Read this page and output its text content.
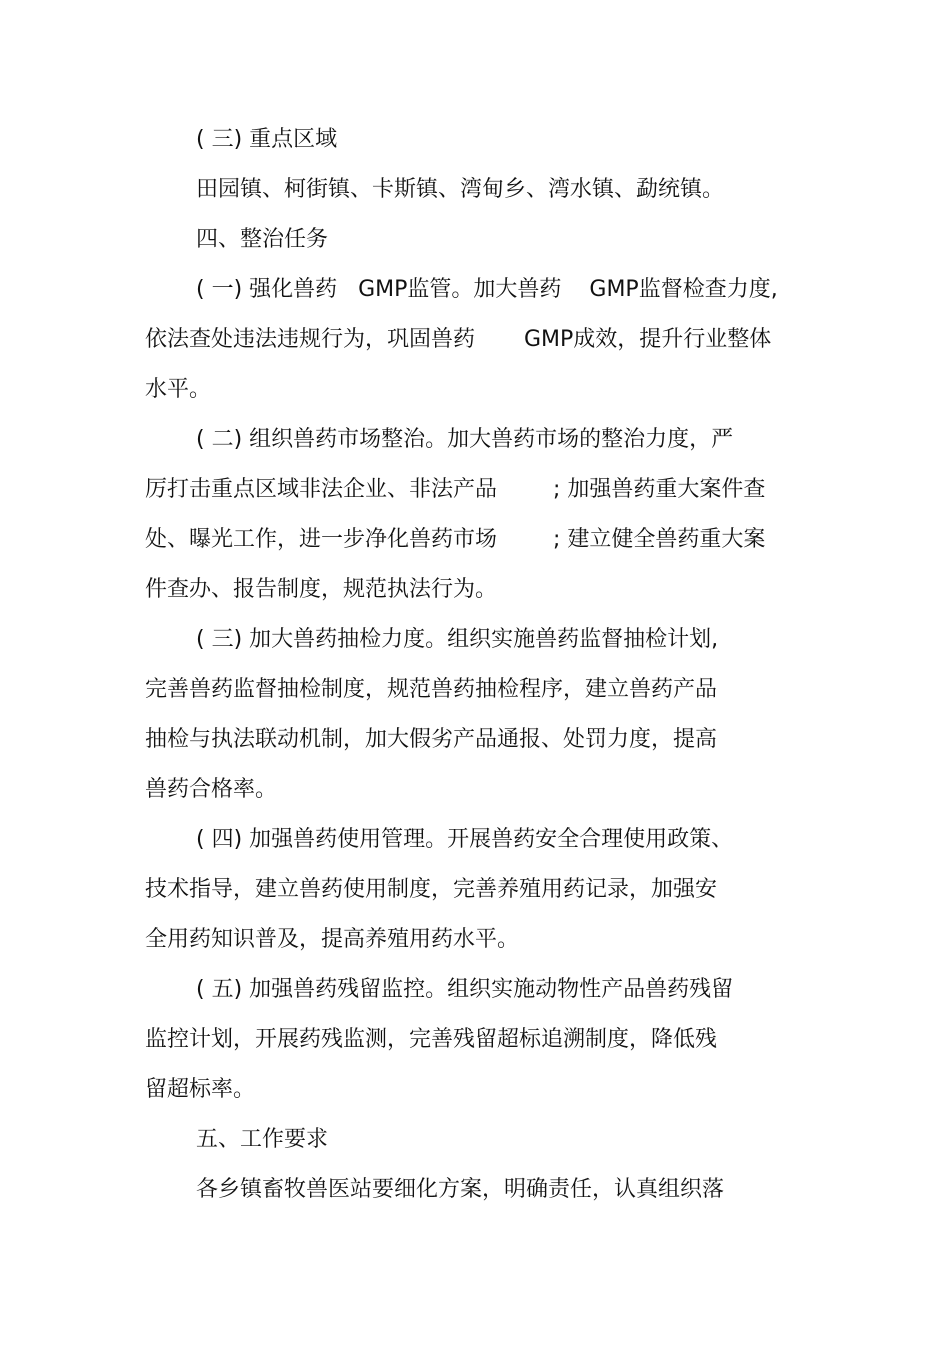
( 三) 重点区域

田园镇、柯街镇、卡斯镇、湾甸乡、湾水镇、勐统镇。

四、整治任务

( 一) 强化兽药   GMP监管。加大兽药    GMP监督检查力度,

依法查处违法违规行为，巩固兽药       GMP成效，提升行业整体

水平。

( 二) 组织兽药市场整治。加大兽药市场的整治力度，严

厉打击重点区域非法企业、非法产品        ; 加强兽药重大案件查

处、曝光工作，进一步净化兽药市场        ; 建立健全兽药重大案

件查办、报告制度，规范执法行为。

( 三) 加大兽药抽检力度。组织实施兽药监督抽检计划,

完善兽药监督抽检制度，规范兽药抽检程序，建立兽药产品

抽检与执法联动机制，加大假劣产品通报、处罚力度，提高

兽药合格率。

( 四) 加强兽药使用管理。开展兽药安全合理使用政策、

技术指导，建立兽药使用制度，完善养殖用药记录，加强安

全用药知识普及，提高养殖用药水平。

( 五) 加强兽药残留监控。组织实施动物性产品兽药残留

监控计划，开展药残监测，完善残留超标追溯制度，降低残

留超标率。

五、工作要求

各乡镇畜牧兽医站要细化方案，明确责任，认真组织落
